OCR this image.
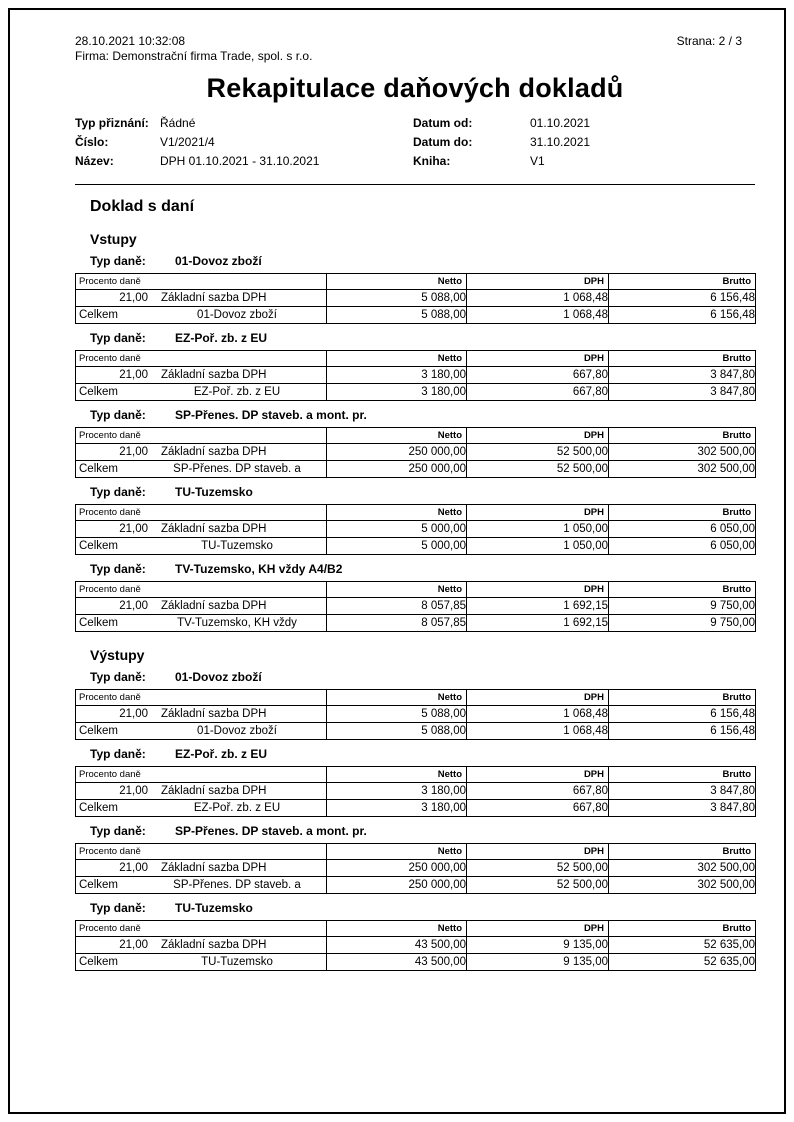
28.10.2021 10:32:08
Firma: Demonstrační firma Trade, spol. s r.o.
Strana: 2 / 3
Rekapitulace daňových dokladů
Typ přiznání: Řádné	Datum od:	01.10.2021
Číslo:	V1/2021/4	Datum do:	31.10.2021
Název:	DPH 01.10.2021 - 31.10.2021	Kniha:	V1
Doklad s daní
Vstupy
Typ daně:	01-Dovoz zboží
Procento daně	Netto	DPH	Brutto

21,00 Základní sazba DPH	5 088,00	1 068,48	6 156,48

Celkem 01-Dovoz zboží	5 088,00	1 068,48	6 156,48
Typ daně:	EZ-Poř. zb. z EU
Procento daně	Netto	DPH	Brutto

21,00 Základní sazba DPH	3 180,00	667,80	3 847,80

Celkem EZ-Poř. zb. z EU	3 180,00	667,80	3 847,80
Typ daně:	SP-Přenes. DP staveb. a mont. pr.
Procento daně	Netto	DPH	Brutto

21,00 Základní sazba DPH	250 000,00	52 500,00	302 500,00

Celkem SP-Přenes. DP staveb. a	250 000,00	52 500,00	302 500,00
Typ daně:	TU-Tuzemsko
Procento daně	Netto	DPH	Brutto

21,00 Základní sazba DPH	5 000,00	1 050,00	6 050,00

Celkem TU-Tuzemsko	5 000,00	1 050,00	6 050,00
Typ daně:	TV-Tuzemsko, KH vždy A4/B2
Procento daně	Netto	DPH	Brutto

21,00 Základní sazba DPH	8 057,85	1 692,15	9 750,00

Celkem TV-Tuzemsko, KH vždy	8 057,85	1 692,15	9 750,00
Výstupy
Typ daně:	01-Dovoz zboží
Procento daně	Netto	DPH	Brutto

21,00 Základní sazba DPH	5 088,00	1 068,48	6 156,48

Celkem 01-Dovoz zboží	5 088,00	1 068,48	6 156,48
Typ daně:	EZ-Poř. zb. z EU
Procento daně	Netto	DPH	Brutto

21,00 Základní sazba DPH	3 180,00	667,80	3 847,80

Celkem EZ-Poř. zb. z EU	3 180,00	667,80	3 847,80
Typ daně:	SP-Přenes. DP staveb. a mont. pr.
Procento daně	Netto	DPH	Brutto

21,00 Základní sazba DPH	250 000,00	52 500,00	302 500,00

Celkem SP-Přenes. DP staveb. a	250 000,00	52 500,00	302 500,00
Typ daně:	TU-Tuzemsko
Procento daně	Netto	DPH	Brutto

21,00 Základní sazba DPH	43 500,00	9 135,00	52 635,00

Celkem TU-Tuzemsko	43 500,00	9 135,00	52 635,00
